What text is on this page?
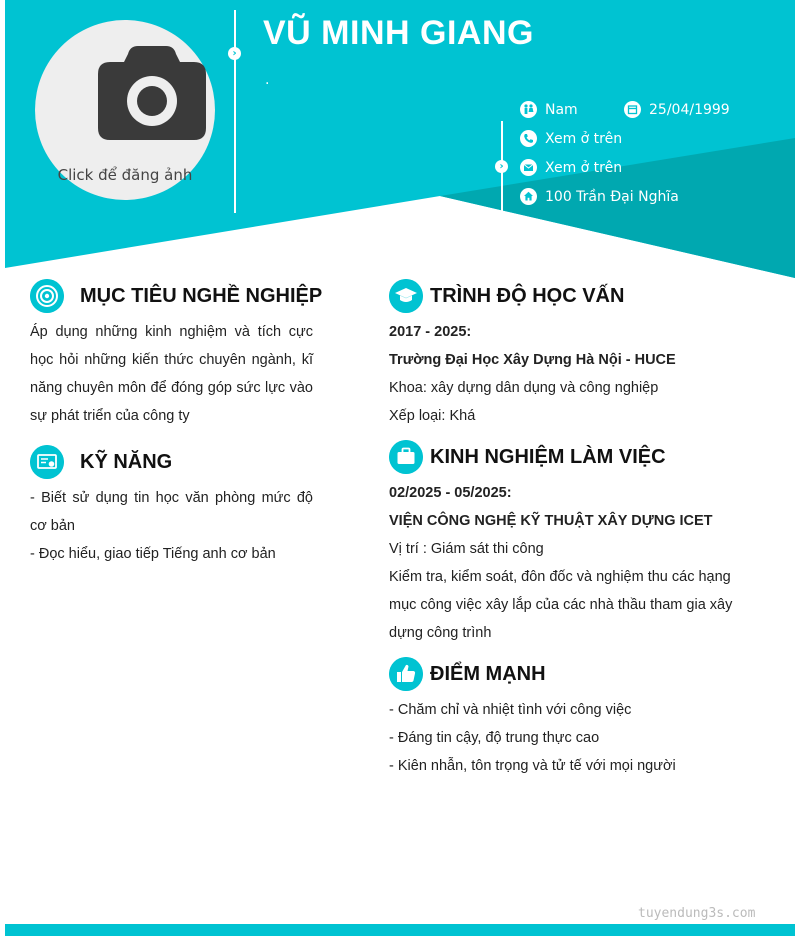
Click để đăng ảnh
›
VŨ MINH GIANG
.
›
Nam	25/04/1999
Xem ở trên
Xem ở trên
100 Trần Đại Nghĩa
MỤC TIÊU NGHỀ NGHIỆP
Áp dụng những kinh nghiệm và tích cực học hỏi những kiến thức chuyên ngành, kĩ năng chuyên môn để đóng góp sức lực vào sự phát triển của công ty
KỸ NĂNG
- Biết sử dụng tin học văn phòng mức độ cơ bản
- Đọc hiểu, giao tiếp Tiếng anh cơ bản
TRÌNH ĐỘ HỌC VẤN
2017 - 2025:
Trường Đại Học Xây Dựng Hà Nội - HUCE
Khoa: xây dựng dân dụng và công nghiệp
Xếp loại: Khá
KINH NGHIỆM LÀM VIỆC
02/2025 - 05/2025:
VIỆN CÔNG NGHỆ KỸ THUẬT XÂY DỰNG ICET
Vị trí : Giám sát thi công
Kiểm tra, kiểm soát, đôn đốc và nghiệm thu các hạng mục công việc xây lắp của các nhà thầu tham gia xây dựng công trình
ĐIỂM MẠNH
- Chăm chỉ và nhiệt tình với công việc
- Đáng tin cậy, độ trung thực cao
- Kiên nhẫn, tôn trọng và tử tế với mọi người
tuyendung3s.com
